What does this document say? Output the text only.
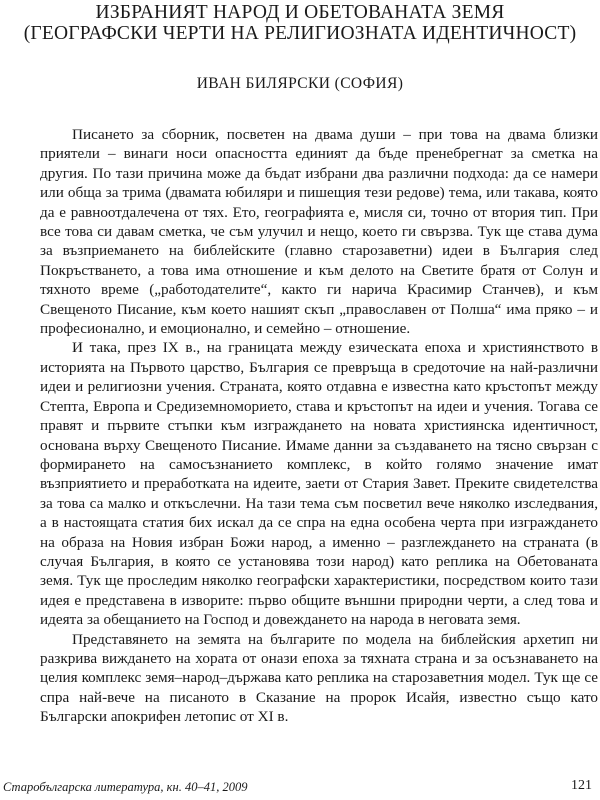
ИЗБРАНИЯТ НАРОД И ОБЕТОВАНАТА ЗЕМЯ
(ГЕОГРАФСКИ ЧЕРТИ НА РЕЛИГИОЗНАТА ИДЕНТИЧНОСТ)
ИВАН БИЛЯРСКИ (СОФИЯ)

Писането за сборник, посветен на двама души – при това на двама близки приятели – винаги носи опасността единият да бъде пренебрегнат за сметка на другия. По тази причина може да бъдат избрани два различни подхода: да се намери или обща за трима (двамата юбиляри и пишещия тези редове) тема, или такава, която да е равноотдалечена от тях. Ето, географията е, мисля си, точно от втория тип. При все това си давам сметка, че съм улучил и нещо, което ги свързва. Тук ще става дума за възприемането на библейските (главно старозаветни) идеи в България след Покръстването, а това има отношение и към делото на Светите братя от Солун и тяхното време („работодателите“, както ги нарича Красимир Станчев), и към Свещеното Писание, към което нашият скъп „православен от Полша“ има пряко – и професионално, и емоционално, и семейно – отношение.

И така, през IX в., на границата между езическата епоха и християнството в историята на Първото царство, България се превръща в средоточие на най-различни идеи и религиозни учения. Страната, която отдавна е известна като кръстопът между Степта, Европа и Средиземноморието, става и кръстопът на идеи и учения. Тогава се правят и първите стъпки към изграждането на новата християнска идентичност, основана върху Свещеното Писание. Имаме данни за създаването на тясно свързан с формирането на самосъзнанието комплекс, в който голямо значение имат възприятието и преработката на идеите, заети от Стария Завет. Преките свидетелства за това са малко и откъслечни. На тази тема съм посветил вече няколко изследвания, а в настоящата статия бих искал да се спра на една особена черта при изграждането на образа на Новия избран Божи народ, а именно – разглеждането на страната (в случая България, в която се установява този народ) като реплика на Обетованата земя. Тук ще проследим няколко географски характеристики, посредством които тази идея е представена в изворите: първо общите външни природни черти, а след това и идеята за обещанието на Господ и довеждането на народа в неговата земя.

Представянето на земята на българите по модела на библейския архетип ни разкрива виждането на хората от онази епоха за тяхната страна и за осъзнаването на целия комплекс земя–народ–държава като реплика на старозаветния модел. Тук ще се спра най-вече на писаното в Сказание на пророк Исайя, известно също като Български апокрифен летопис от XI в.

Старобългарска литература, кн. 40–41, 2009	121
